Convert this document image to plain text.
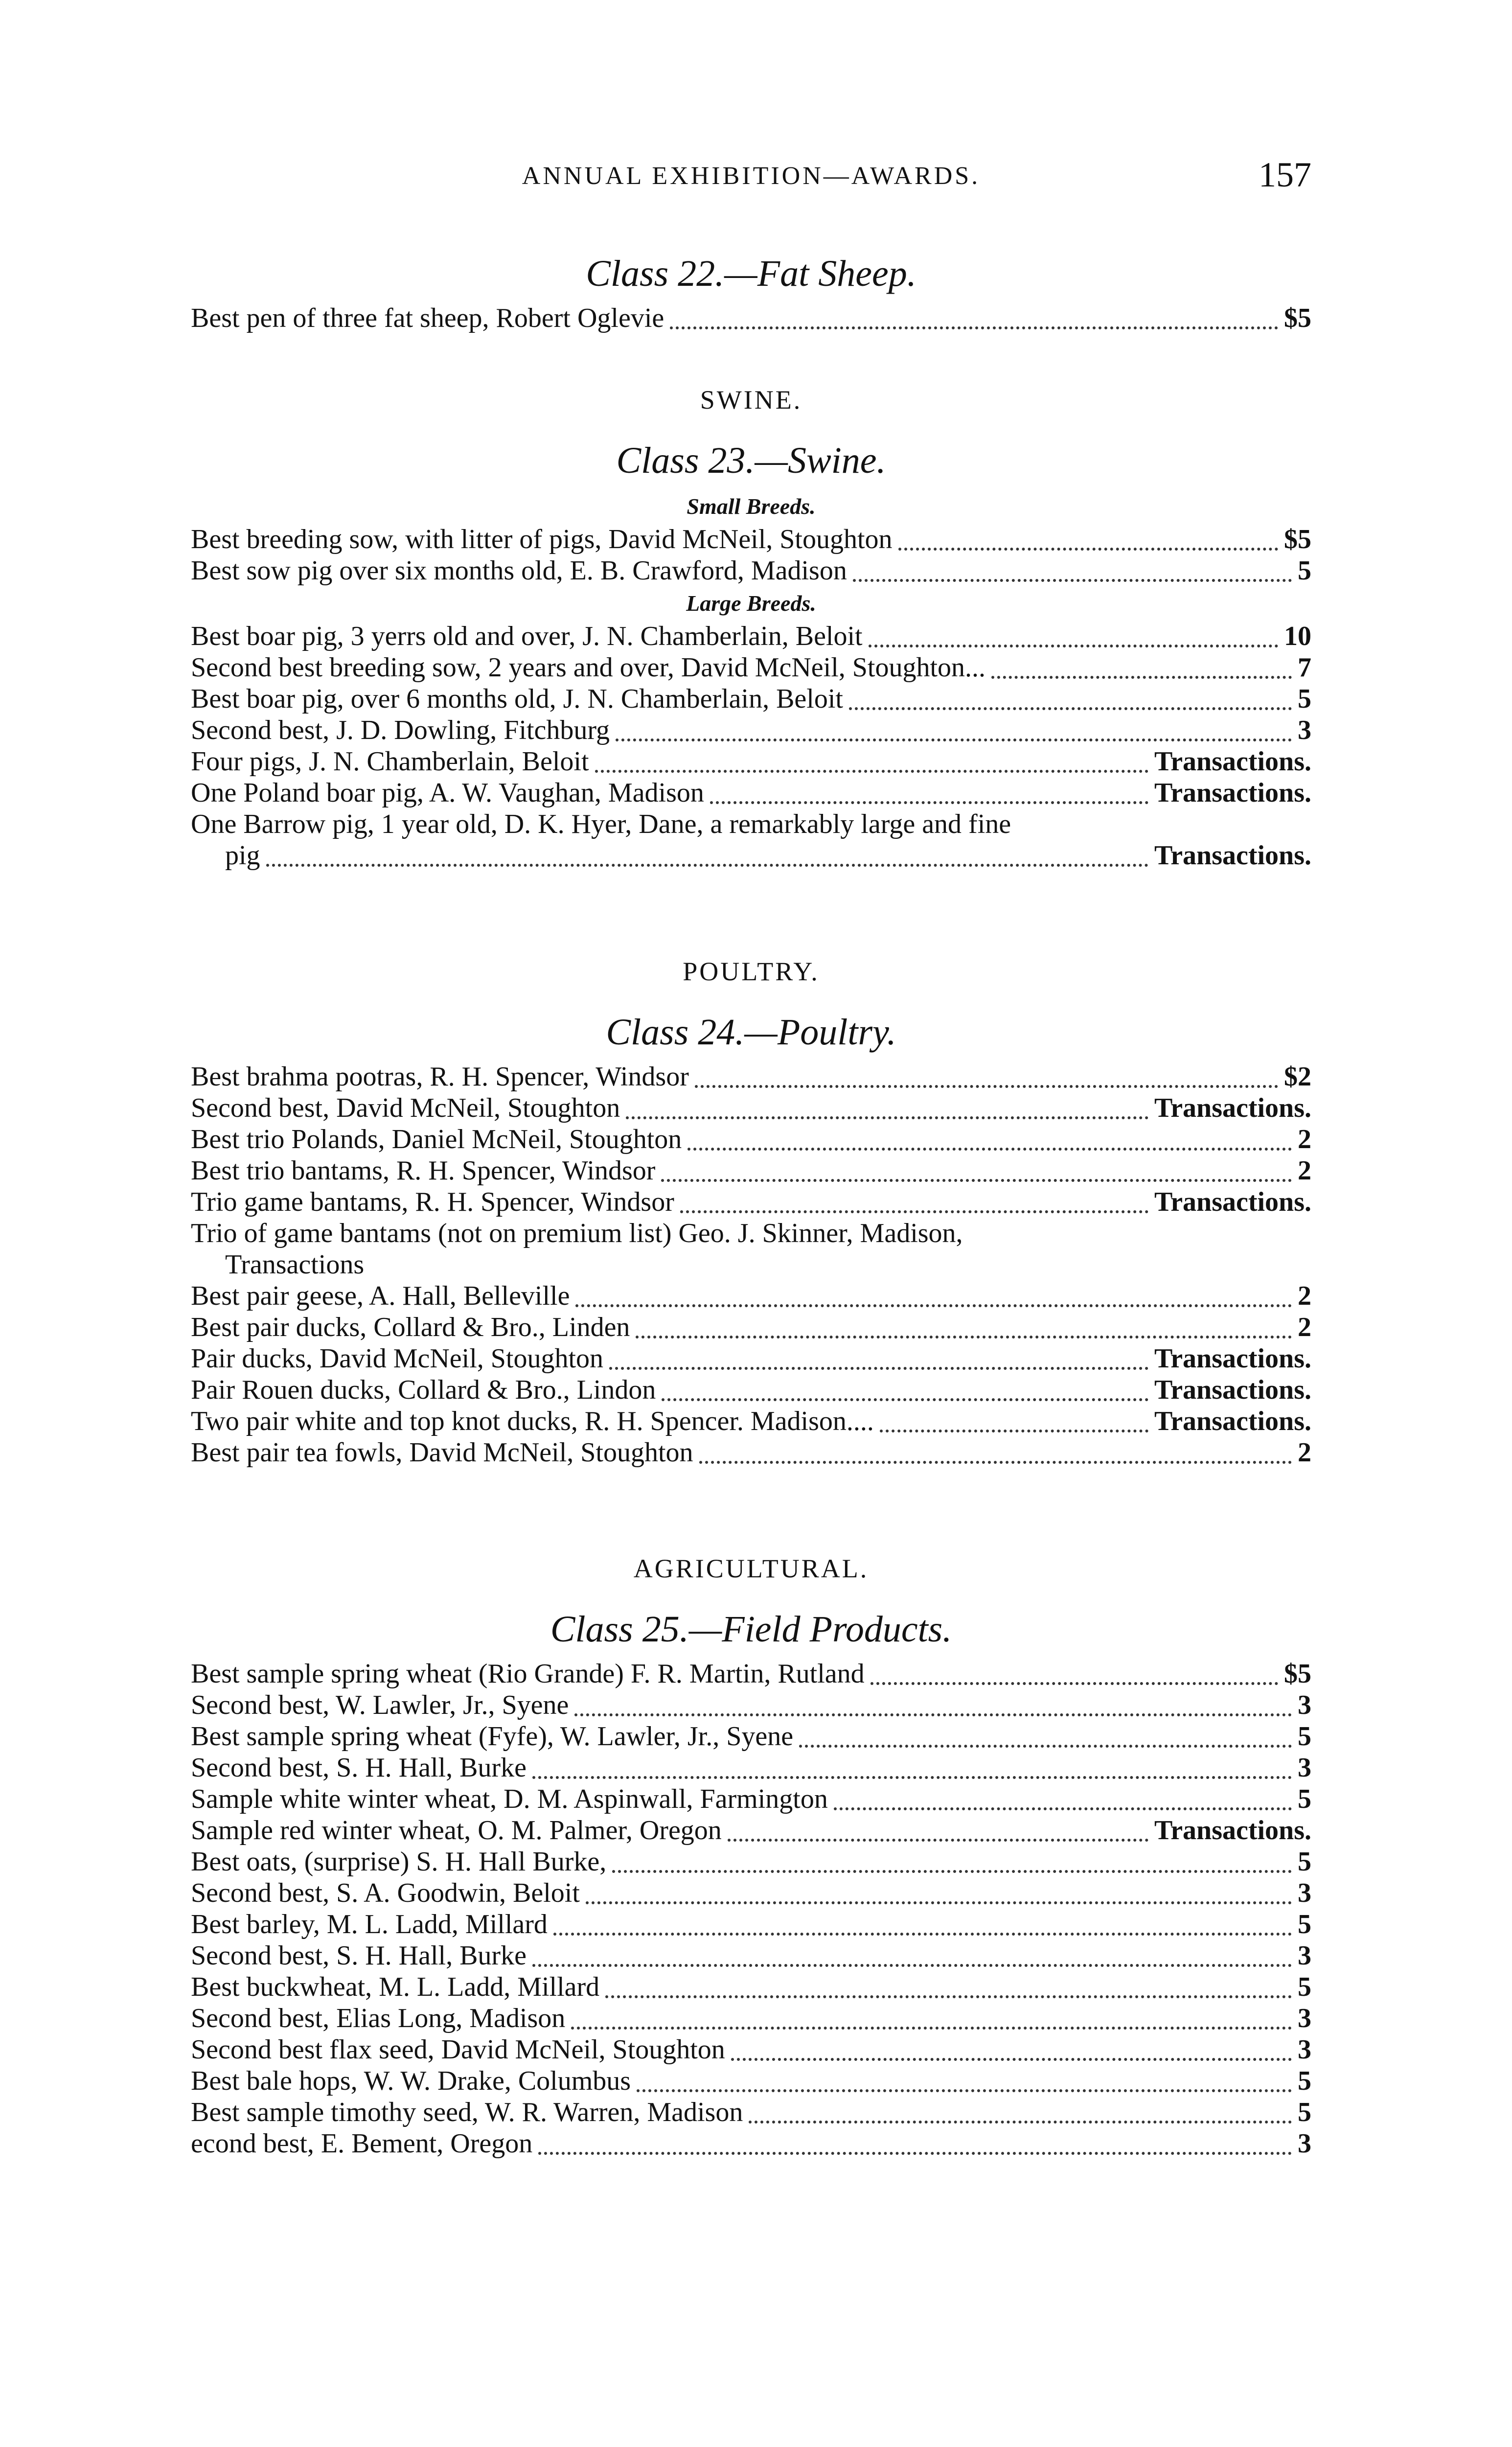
ANNUAL EXHIBITION—AWARDS.	157
Class 22.—Fat Sheep.
Best pen of three fat sheep, Robert Oglevie	$5
SWINE.
Class 23.—Swine.
Small Breeds.
Best breeding sow, with litter of pigs, David McNeil, Stoughton	$5
Best sow pig over six months old, E. B. Crawford, Madison	5
Large Breeds.
Best boar pig, 3 yerrs old and over, J. N. Chamberlain, Beloit	10
Second best breeding sow, 2 years and over, David McNeil, Stoughton...	7
Best boar pig, over 6 months old, J. N. Chamberlain, Beloit	5
Second best, J. D. Dowling, Fitchburg	3
Four pigs, J. N. Chamberlain, Beloit	Transactions.
One Poland boar pig, A. W. Vaughan, Madison	Transactions.
One Barrow pig, 1 year old, D. K. Hyer, Dane, a remarkably large and fine
pig	Transactions.
POULTRY.
Class 24.—Poultry.
Best brahma pootras, R. H. Spencer, Windsor	$2
Second best, David McNeil, Stoughton	Transactions.
Best trio Polands, Daniel McNeil, Stoughton	2
Best trio bantams, R. H. Spencer, Windsor	2
Trio game bantams, R. H. Spencer, Windsor	Transactions.
Trio of game bantams (not on premium list) Geo. J. Skinner, Madison,
Transactions
Best pair geese, A. Hall, Belleville	2
Best pair ducks, Collard & Bro., Linden	2
Pair ducks, David McNeil, Stoughton	Transactions.
Pair Rouen ducks, Collard & Bro., Lindon	Transactions.
Two pair white and top knot ducks, R. H. Spencer. Madison....	Transactions.
Best pair tea fowls, David McNeil, Stoughton	2
AGRICULTURAL.
Class 25.—Field Products.
Best sample spring wheat (Rio Grande) F. R. Martin, Rutland	$5
Second best, W. Lawler, Jr., Syene	3
Best sample spring wheat (Fyfe), W. Lawler, Jr., Syene	5
Second best, S. H. Hall, Burke	3
Sample white winter wheat, D. M. Aspinwall, Farmington	5
Sample red winter wheat, O. M. Palmer, Oregon	Transactions.
Best oats, (surprise) S. H. Hall Burke,	5
Second best, S. A. Goodwin, Beloit	3
Best barley, M. L. Ladd, Millard	5
Second best, S. H. Hall, Burke	3
Best buckwheat, M. L. Ladd, Millard	5
Second best, Elias Long, Madison	3
Second best flax seed, David McNeil, Stoughton	3
Best bale hops, W. W. Drake, Columbus	5
Best sample timothy seed, W. R. Warren, Madison	5
econd best, E. Bement, Oregon	3
